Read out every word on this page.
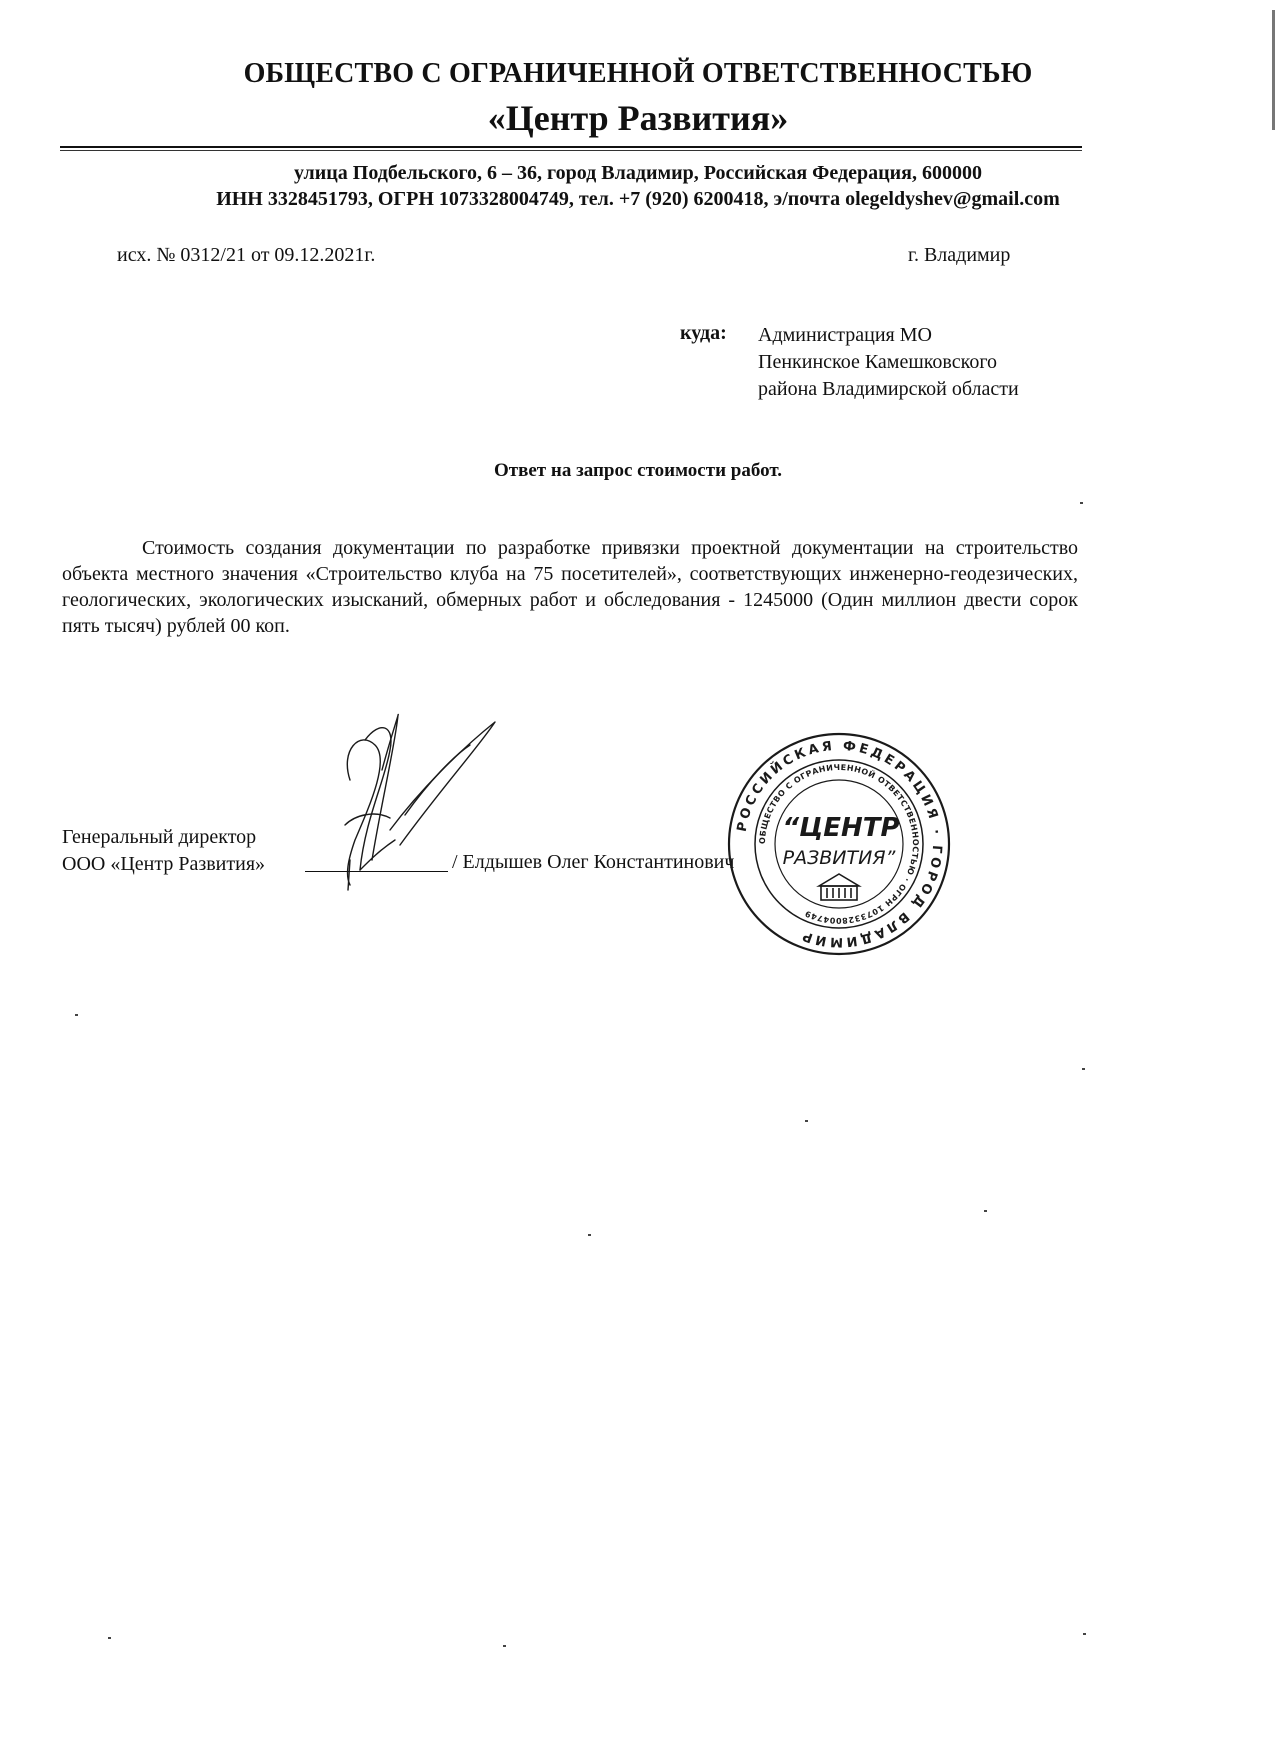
ОБЩЕСТВО С ОГРАНИЧЕННОЙ ОТВЕТСТВЕННОСТЬЮ
«Центр Развития»
улица Подбельского, 6 – 36, город Владимир, Российская Федерация, 600000
ИНН 3328451793, ОГРН 1073328004749, тел. +7 (920) 6200418, э/почта olegeldyshev@gmail.com
исх. № 0312/21 от 09.12.2021г.	г. Владимир
куда: Администрация МО
Пенкинское Камешковского
района Владимирской области
Ответ на запрос стоимости работ.

Стоимость создания документации по разработке привязки проектной документации на строительство объекта местного значения «Строительство клуба на 75 посетителей», соответствующих инженерно-геодезических, геологических, экологических изысканий, обмерных работ и обследования - 1245000 (Один миллион двести сорок пять тысяч) рублей 00 коп.

Генеральный директор
ООО «Центр Развития»	/ Елдышев Олег Константинович
РОССИЙСКАЯ ФЕДЕРАЦИЯ · ГОРОД ВЛАДИМИР
ОБЩЕСТВО С ОГРАНИЧЕННОЙ ОТВЕТСТВЕННОСТЬЮ · ОГРН 1073328004749
“ЦЕНТР
РАЗВИТИЯ”
